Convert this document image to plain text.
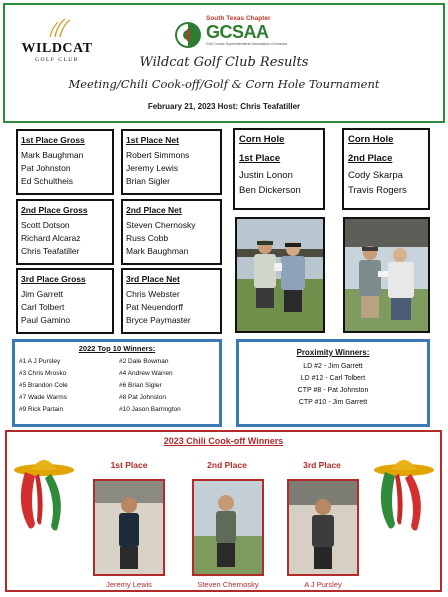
WILDCAT
GOLF CLUB
South Texas Chapter
GCSAA
Golf Course Superintendents Association of America
Wildcat Golf Club Results
Meeting/Chili Cook-off/Golf & Corn Hole Tournament
February 21, 2023 Host: Chris Teafatiller
1st Place Gross
Mark Baughman
Pat Johnston
Ed Schultheis
1st Place Net
Robert Simmons
Jeremy Lewis
Brian Sigler
2nd Place Gross
Scott Dotson
Richard Alcaraz
Chris Teafatiller
2nd Place Net
Steven Chernosky
Russ Cobb
Mark Baughman
3rd Place Gross
Jim Garrett
Carl Tolbert
Paul Gamino
3rd Place Net
Chris Webster
Pat Neuendorff
Bryce Paymaster
Corn Hole
1st Place
Justin Lonon
Ben Dickerson
Corn Hole
2nd Place
Cody Skarpa
Travis Rogers
2022 Top 10 Winners:
#1 A J Pursley	#2 Dale Bowman
#3 Chris Mrosko	#4 Andrew Warren
#5 Brandon Cole	#6 Brian Sigler
#7 Wade Warms	#8 Pat Johnston
#9 Rick Partain	#10 Jason Barrington
Proximity Winners:
LD #2 - Jim Garrett
LD #12 - Carl Tolbert
CTP #8 - Pat Johnston
CTP #10 - Jim Garrett
2023 Chili Cook-off Winners
1st Place	2nd Place	3rd Place
Jeremy Lewis	Steven Chernosky	A J Pursley
